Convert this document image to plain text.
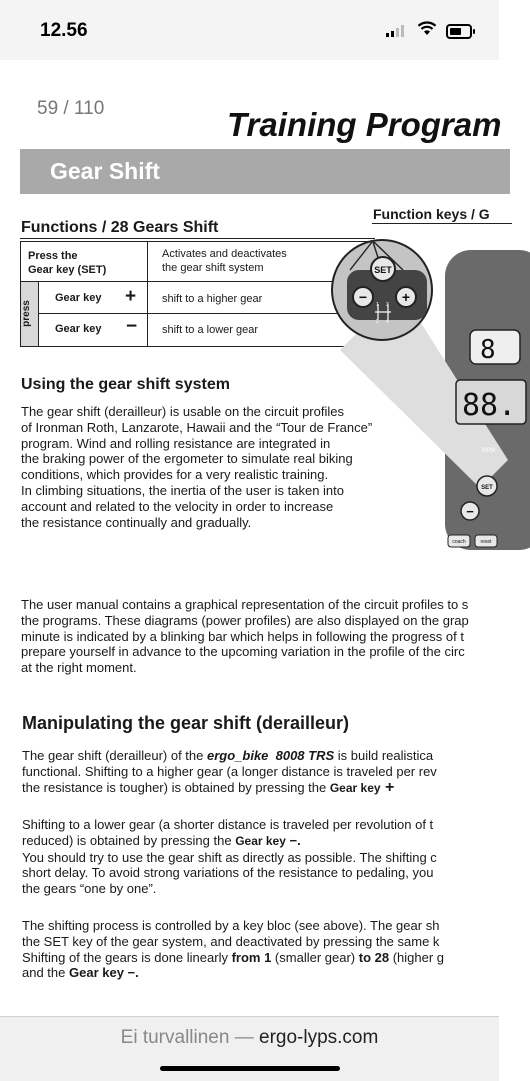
12.56
59 / 110	Training Program
Gear Shift
Functions / 28 Gears Shift
Function keys / G
press
Press the
Gear key (SET)
Activates and deactivates
the gear shift system
Gear key + shift to a higher gear
Gear key − shift to a lower gear
SET
− +
1 3
2 4
8
88.
RPM
SET
−
coach	reset
Using the gear shift system
The gear shift (derailleur) is usable on the circuit profiles
of Ironman Roth, Lanzarote, Hawaii and the “Tour de France”
program. Wind and rolling resistance are integrated in
the braking power of the ergometer to simulate real biking
conditions, which provides for a very realistic training.
In climbing situations, the inertia of the user is taken into
account and related to the velocity in order to increase
the resistance continually and gradually.
The user manual contains a graphical representation of the circuit profiles to s
the programs. These diagrams (power profiles) are also displayed on the grap
minute is indicated by a blinking bar which helps in following the progress of t
prepare yourself in advance to the upcoming variation in the profile of the circ
at the right moment.
Manipulating the gear shift (derailleur)
The gear shift (derailleur) of the ergo_bike  8008 TRS is build realistica
functional. Shifting to a higher gear (a longer distance is traveled per rev
the resistance is tougher) is obtained by pressing the Gear key +
Shifting to a lower gear (a shorter distance is traveled per revolution of t
reduced) is obtained by pressing the Gear key −.
You should try to use the gear shift as directly as possible. The shifting c
short delay. To avoid strong variations of the resistance to pedaling, you
the gears “one by one”.
The shifting process is controlled by a key bloc (see above). The gear sh
the SET key of the gear system, and deactivated by pressing the same k
Shifting of the gears is done linearly from 1 (smaller gear) to 28 (higher g
and the Gear key −.
Ei turvallinen — ergo-lyps.com
